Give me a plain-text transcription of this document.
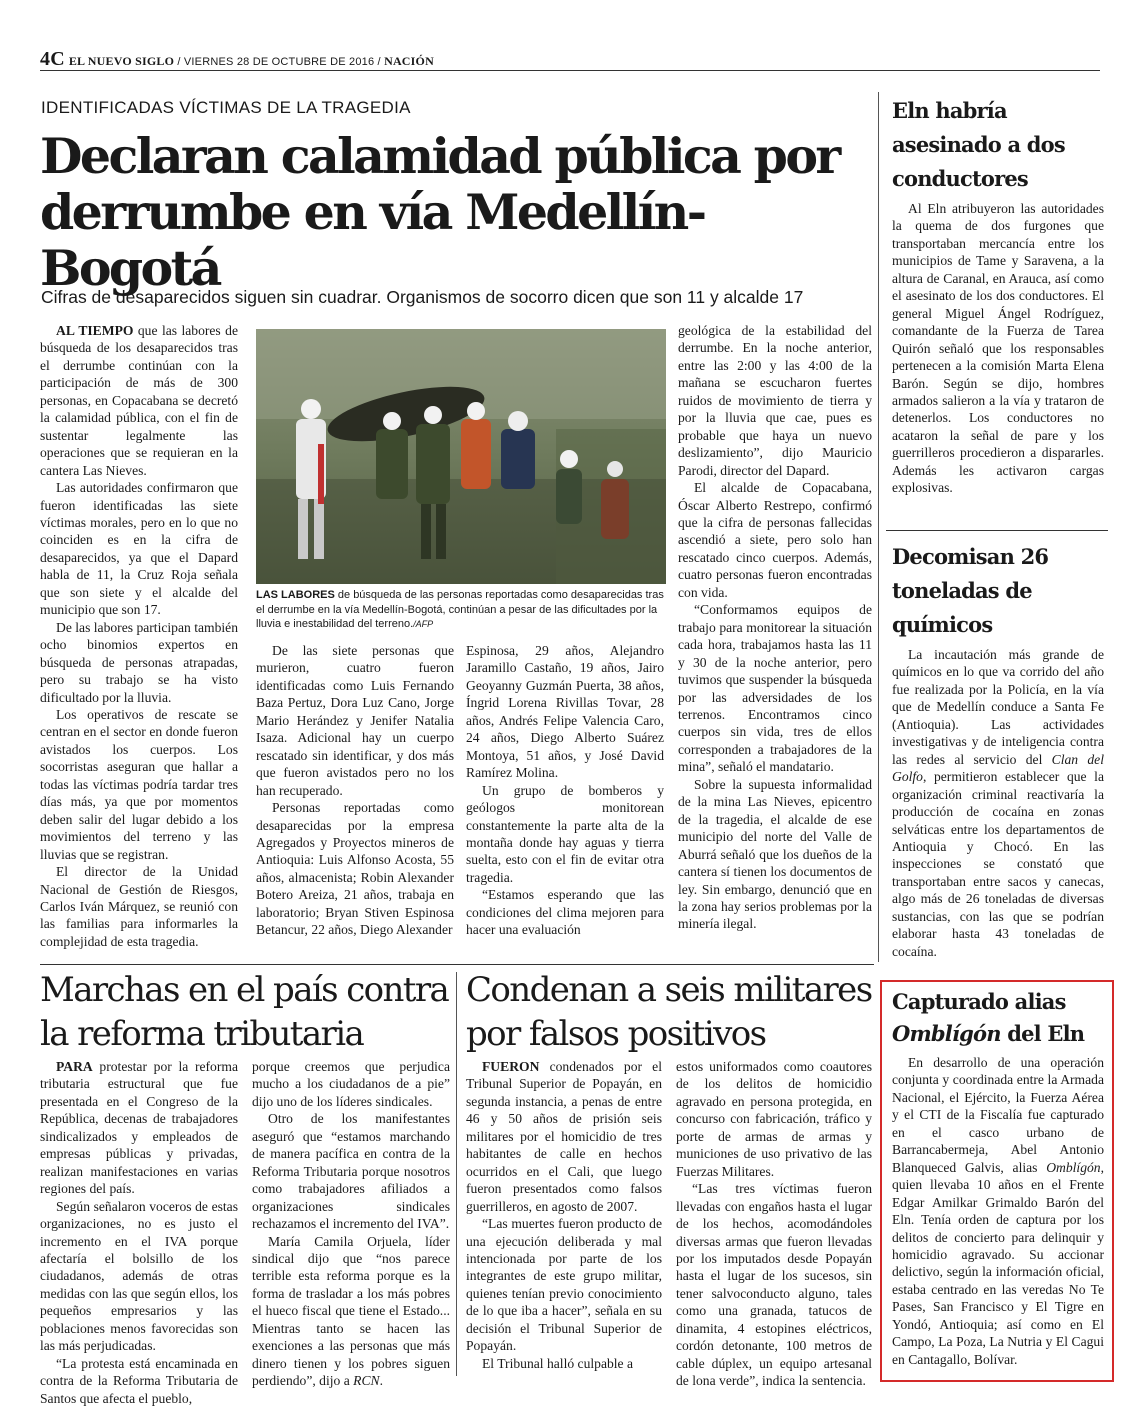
4C EL NUEVO SIGLO / VIERNES 28 DE OCTUBRE DE 2016 / NACIÓN
IDENTIFICADAS VÍCTIMAS DE LA TRAGEDIA
Declaran calamidad pública por derrumbe en vía Medellín-Bogotá
Cifras de desaparecidos siguen sin cuadrar. Organismos de socorro dicen que son 11 y alcalde 17

AL TIEMPO que las labores de búsqueda de los desaparecidos tras el derrumbe continúan con la participación de más de 300 personas, en Copacabana se decretó la calamidad pública, con el fin de sustentar legalmente las operaciones que se requieran en la cantera Las Nieves.

Las autoridades confirmaron que fueron identificadas las siete víctimas morales, pero en lo que no coinciden es en la cifra de desaparecidos, ya que el Dapard habla de 11, la Cruz Roja señala que son siete y el alcalde del municipio que son 17.

De las labores participan también ocho binomios expertos en búsqueda de personas atrapadas, pero su trabajo se ha visto dificultado por la lluvia.

Los operativos de rescate se centran en el sector en donde fueron avistados los cuerpos. Los socorristas aseguran que hallar a todas las víctimas podría tardar tres días más, ya que por momentos deben salir del lugar debido a los movimientos del terreno y las lluvias que se registran.

El director de la Unidad Nacional de Gestión de Riesgos, Carlos Iván Márquez, se reunió con las familias para informarles la complejidad de esta tragedia.

LAS LABORES de búsqueda de las personas reportadas como desaparecidas tras el derrumbe en la vía Medellín-Bogotá, continúan a pesar de las dificultades por la lluvia e inestabilidad del terreno./AFP

De las siete personas que murieron, cuatro fueron identificadas como Luis Fernando Baza Pertuz, Dora Luz Cano, Jorge Mario Herández y Jenifer Natalia Isaza. Adicional hay un cuerpo rescatado sin identificar, y dos más que fueron avistados pero no los han recuperado.

Personas reportadas como desaparecidas por la empresa Agregados y Proyectos mineros de Antioquia: Luis Alfonso Acosta, 55 años, almacenista; Robin Alexander Botero Areiza, 21 años, trabaja en laboratorio; Bryan Stiven Espinosa Betancur, 22 años, Diego Alexander

Espinosa, 29 años, Alejandro Jaramillo Castaño, 19 años, Jairo Geoyanny Guzmán Puerta, 38 años, Íngrid Lorena Rivillas Tovar, 28 años, Andrés Felipe Valencia Caro, 24 años, Diego Alberto Suárez Montoya, 51 años, y José David Ramírez Molina.

Un grupo de bomberos y geólogos monitorean constantemente la parte alta de la montaña donde hay aguas y tierra suelta, esto con el fin de evitar otra tragedia.

“Estamos esperando que las condiciones del clima mejoren para hacer una evaluación

geológica de la estabilidad del derrumbe. En la noche anterior, entre las 2:00 y las 4:00 de la mañana se escucharon fuertes ruidos de movimiento de tierra y por la lluvia que cae, pues es probable que haya un nuevo deslizamiento”, dijo Mauricio Parodi, director del Dapard.

El alcalde de Copacabana, Óscar Alberto Restrepo, confirmó que la cifra de personas fallecidas ascendió a siete, pero solo han rescatado cinco cuerpos. Además, cuatro personas fueron encontradas con vida.

“Conformamos equipos de trabajo para monitorear la situación cada hora, trabajamos hasta las 11 y 30 de la noche anterior, pero tuvimos que suspender la búsqueda por las adversidades de los terrenos. Encontramos cinco cuerpos sin vida, tres de ellos corresponden a trabajadores de la mina”, señaló el mandatario.

Sobre la supuesta informalidad de la mina Las Nieves, epicentro de la tragedia, el alcalde de ese municipio del norte del Valle de Aburrá señaló que los dueños de la cantera sí tienen los documentos de ley. Sin embargo, denunció que en la zona hay serios problemas por la minería ilegal.

Eln habría asesinado a dos conductores

Al Eln atribuyeron las autoridades la quema de dos furgones que transportaban mercancía entre los municipios de Tame y Saravena, a la altura de Caranal, en Arauca, así como el asesinato de los dos conductores. El general Miguel Ángel Rodríguez, comandante de la Fuerza de Tarea Quirón señaló que los responsables pertenecen a la comisión Marta Elena Barón. Según se dijo, hombres armados salieron a la vía y trataron de detenerlos. Los conductores no acataron la señal de pare y los guerrilleros procedieron a dispararles. Además les activaron cargas explosivas.

Decomisan 26 toneladas de químicos

La incautación más grande de químicos en lo que va corrido del año fue realizada por la Policía, en la vía que de Medellín conduce a Santa Fe (Antioquia). Las actividades investigativas y de inteligencia contra las redes al servicio del Clan del Golfo, permitieron establecer que la organización criminal reactivaría la producción de cocaína en zonas selváticas entre los departamentos de Antioquia y Chocó. En las inspecciones se constató que transportaban entre sacos y canecas, algo más de 26 toneladas de diversas sustancias, con las que se podrían elaborar hasta 43 toneladas de cocaína.

Capturado alias
Omblígón del Eln

En desarrollo de una operación conjunta y coordinada entre la Armada Nacional, el Ejército, la Fuerza Aérea y el CTI de la Fiscalía fue capturado en el casco urbano de Barrancabermeja, Abel Antonio Blanqueced Galvis, alias Omblígón, quien llevaba 10 años en el Frente Edgar Amilkar Grimaldo Barón del Eln. Tenía orden de captura por los delitos de concierto para delinquir y homicidio agravado. Su accionar delictivo, según la información oficial, estaba centrado en las veredas No Te Pases, San Francisco y El Tigre en Yondó, Antioquia; así como en El Campo, La Poza, La Nutria y El Cagui en Cantagallo, Bolívar.

Marchas en el país contra la reforma tributaria

PARA protestar por la reforma tributaria estructural que fue presentada en el Congreso de la República, decenas de trabajadores sindicalizados y empleados de empresas públicas y privadas, realizan manifestaciones en varias regiones del país.

Según señalaron voceros de estas organizaciones, no es justo el incremento en el IVA porque afectaría el bolsillo de los ciudadanos, además de otras medidas con las que según ellos, los pequeños empresarios y las poblaciones menos favorecidas son las más perjudicadas.

“La protesta está encaminada en contra de la Reforma Tributaria de Santos que afecta el pueblo,

porque creemos que perjudica mucho a los ciudadanos de a pie” dijo uno de los líderes sindicales.

Otro de los manifestantes aseguró que “estamos marchando de manera pacífica en contra de la Reforma Tributaria porque nosotros como trabajadores afiliados a organizaciones sindicales rechazamos el incremento del IVA”.

María Camila Orjuela, líder sindical dijo que “nos parece terrible esta reforma porque es la forma de trasladar a los más pobres el hueco fiscal que tiene el Estado... Mientras tanto se hacen las exenciones a las personas que más dinero tienen y los pobres siguen perdiendo”, dijo a RCN.

Condenan a seis militares por falsos positivos

FUERON condenados por el Tribunal Superior de Popayán, en segunda instancia, a penas de entre 46 y 50 años de prisión seis militares por el homicidio de tres habitantes de calle en hechos ocurridos en el Cali, que luego fueron presentados como falsos guerrilleros, en agosto de 2007.

“Las muertes fueron producto de una ejecución deliberada y mal intencionada por parte de los integrantes de este grupo militar, quienes tenían previo conocimiento de lo que iba a hacer”, señala en su decisión el Tribunal Superior de Popayán.

El Tribunal halló culpable a

estos uniformados como coautores de los delitos de homicidio agravado en persona protegida, en concurso con fabricación, tráfico y porte de armas de armas y municiones de uso privativo de las Fuerzas Militares.

“Las tres víctimas fueron llevadas con engaños hasta el lugar de los hechos, acomodándoles diversas armas que fueron llevadas por los imputados desde Popayán hasta el lugar de los sucesos, sin tener salvoconducto alguno, tales como una granada, tatucos de dinamita, 4 estopines eléctricos, cordón detonante, 100 metros de cable dúplex, un equipo artesanal de lona verde”, indica la sentencia.
